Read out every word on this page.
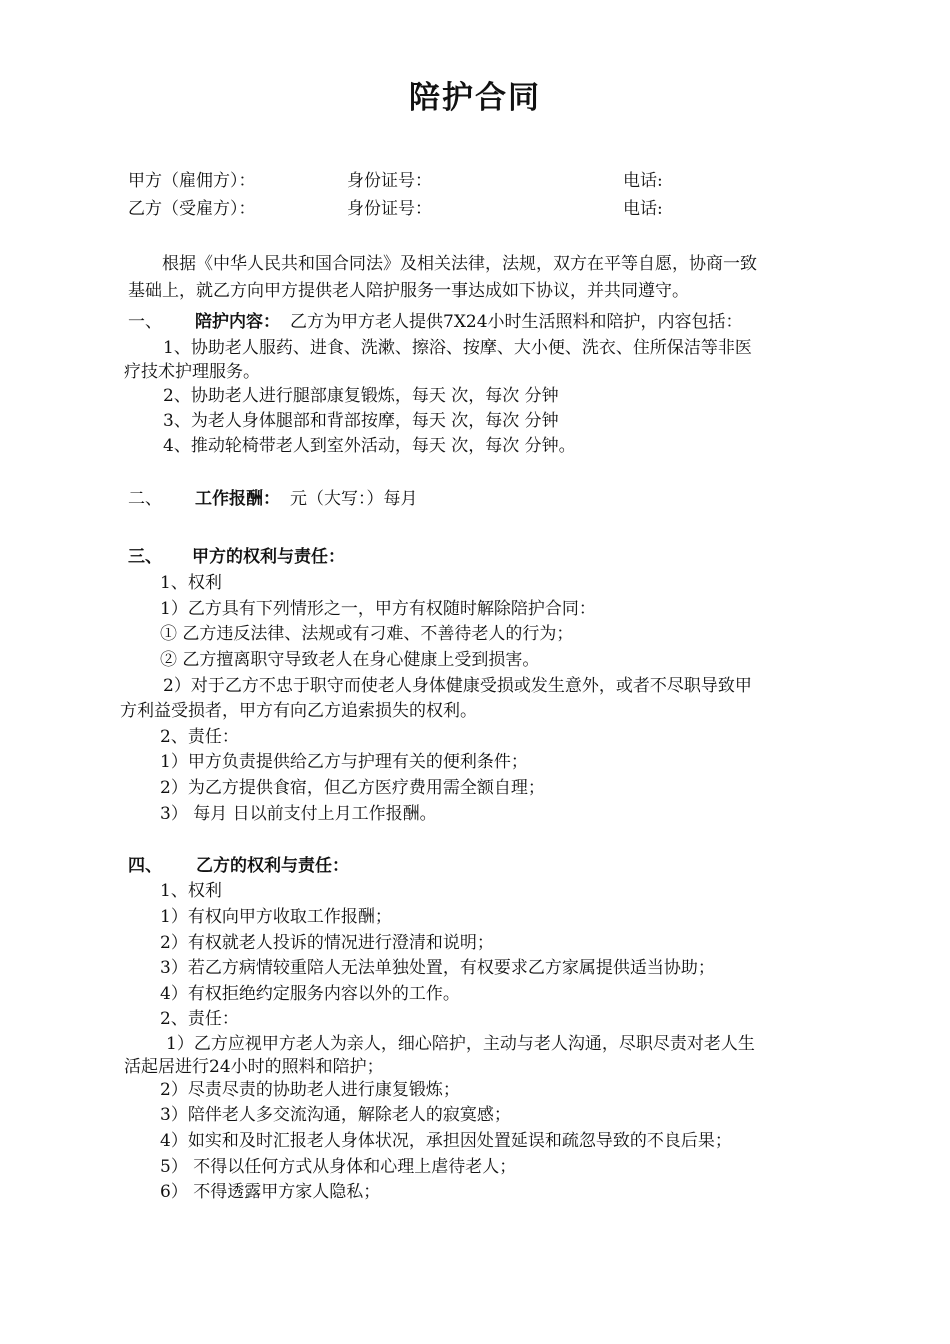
陪护合同
甲方（雇佣方）：	身份证号：	电话:
乙方（受雇方）：	身份证号：	电话:
根据《中华人民共和国合同法》及相关法律，法规，双方在平等自愿，协商一致
基础上，就乙方向甲方提供老人陪护服务一事达成如下协议，并共同遵守。
一、 陪护内容： 乙方为甲方老人提供7X24小时生活照料和陪护，内容包括：
1、协助老人服药、进食、洗漱、擦浴、按摩、大小便、洗衣、住所保洁等非医
疗技术护理服务。
2、协助老人进行腿部康复锻炼，每天 次，每次 分钟
3、为老人身体腿部和背部按摩，每天 次，每次 分钟
4、推动轮椅带老人到室外活动，每天 次，每次 分钟。
二、 工作报酬： 元（大写：）每月
三、 甲方的权利与责任：
1、权利
1）乙方具有下列情形之一，甲方有权随时解除陪护合同：
① 乙方违反法律、法规或有刁难、不善待老人的行为；
② 乙方擅离职守导致老人在身心健康上受到损害。
2）对于乙方不忠于职守而使老人身体健康受损或发生意外，或者不尽职导致甲
方利益受损者，甲方有向乙方追索损失的权利。
2、责任：
1）甲方负责提供给乙方与护理有关的便利条件；
2）为乙方提供食宿，但乙方医疗费用需全额自理；
3） 每月 日以前支付上月工作报酬。
四、 乙方的权利与责任：
1、权利
1）有权向甲方收取工作报酬；
2）有权就老人投诉的情况进行澄清和说明；
3）若乙方病情较重陪人无法单独处置，有权要求乙方家属提供适当协助；
4）有权拒绝约定服务内容以外的工作。
2、责任：
1）乙方应视甲方老人为亲人，细心陪护，主动与老人沟通，尽职尽责对老人生
活起居进行24小时的照料和陪护；
2）尽责尽责的协助老人进行康复锻炼；
3）陪伴老人多交流沟通，解除老人的寂寞感；
4）如实和及时汇报老人身体状况，承担因处置延误和疏忽导致的不良后果；
5） 不得以任何方式从身体和心理上虐待老人；
6） 不得透露甲方家人隐私；
